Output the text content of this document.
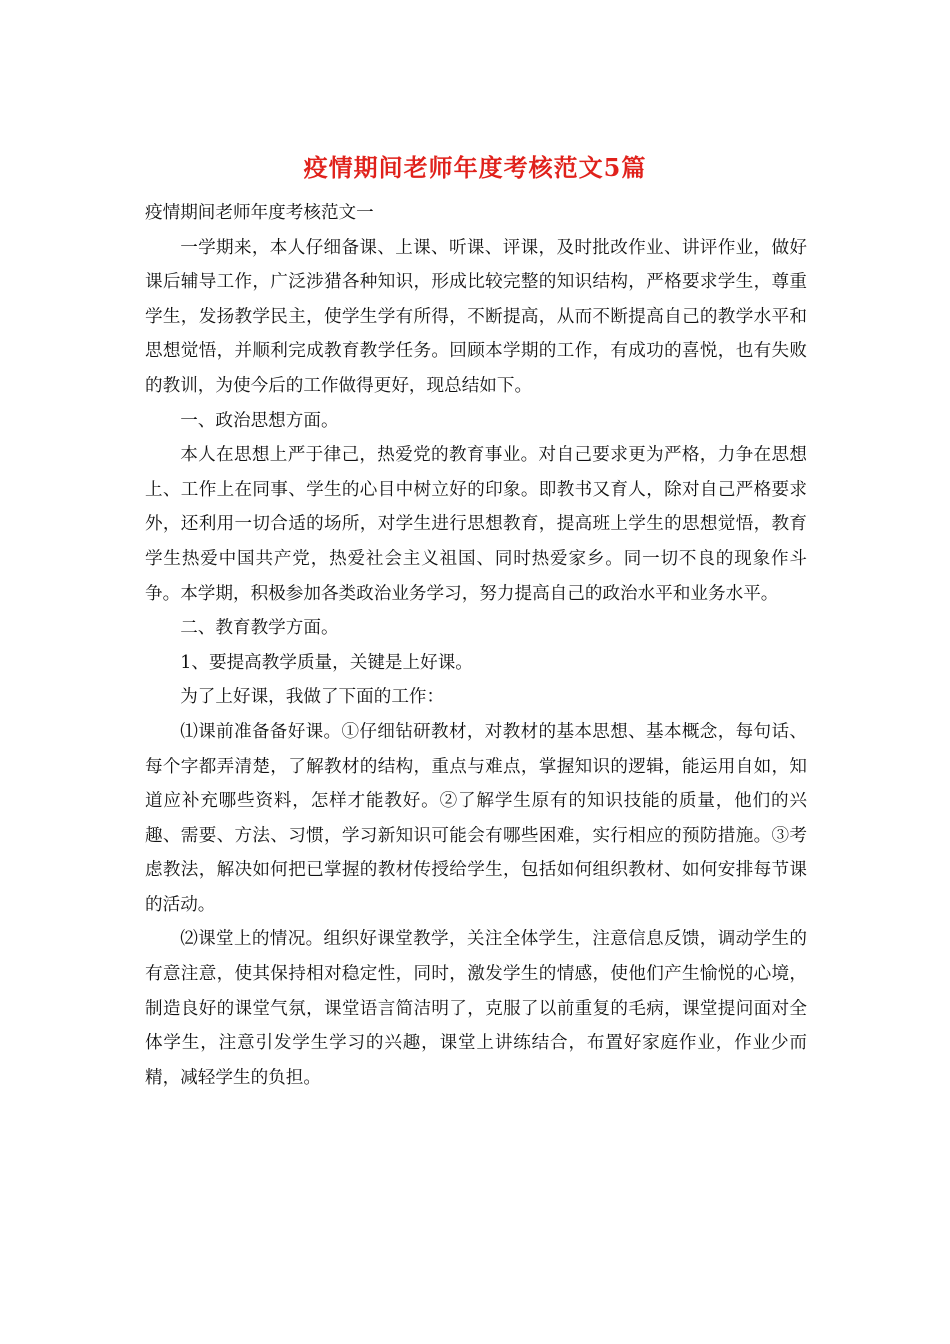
疫情期间老师年度考核范文5篇

疫情期间老师年度考核范文一

一学期来，本人仔细备课、上课、听课、评课，及时批改作业、讲评作业，做好课后辅导工作，广泛涉猎各种知识，形成比较完整的知识结构，严格要求学生，尊重学生，发扬教学民主，使学生学有所得，不断提高，从而不断提高自己的教学水平和思想觉悟，并顺利完成教育教学任务。回顾本学期的工作，有成功的喜悦，也有失败的教训，为使今后的工作做得更好，现总结如下。

一、政治思想方面。

本人在思想上严于律己，热爱党的教育事业。对自己要求更为严格，力争在思想上、工作上在同事、学生的心目中树立好的印象。即教书又育人，除对自己严格要求外，还利用一切合适的场所，对学生进行思想教育，提高班上学生的思想觉悟，教育学生热爱中国共产党，热爱社会主义祖国、同时热爱家乡。同一切不良的现象作斗争。本学期，积极参加各类政治业务学习，努力提高自己的政治水平和业务水平。

二、教育教学方面。

1、要提高教学质量，关键是上好课。

为了上好课，我做了下面的工作：

⑴课前准备备好课。①仔细钻研教材，对教材的基本思想、基本概念，每句话、每个字都弄清楚，了解教材的结构，重点与难点，掌握知识的逻辑，能运用自如，知道应补充哪些资料，怎样才能教好。②了解学生原有的知识技能的质量，他们的兴趣、需要、方法、习惯，学习新知识可能会有哪些困难，实行相应的预防措施。③考虑教法，解决如何把已掌握的教材传授给学生，包括如何组织教材、如何安排每节课的活动。

⑵课堂上的情况。组织好课堂教学，关注全体学生，注意信息反馈，调动学生的有意注意，使其保持相对稳定性，同时，激发学生的情感，使他们产生愉悦的心境，制造良好的课堂气氛，课堂语言简洁明了，克服了以前重复的毛病，课堂提问面对全体学生，注意引发学生学习的兴趣，课堂上讲练结合，布置好家庭作业，作业少而精，减轻学生的负担。
